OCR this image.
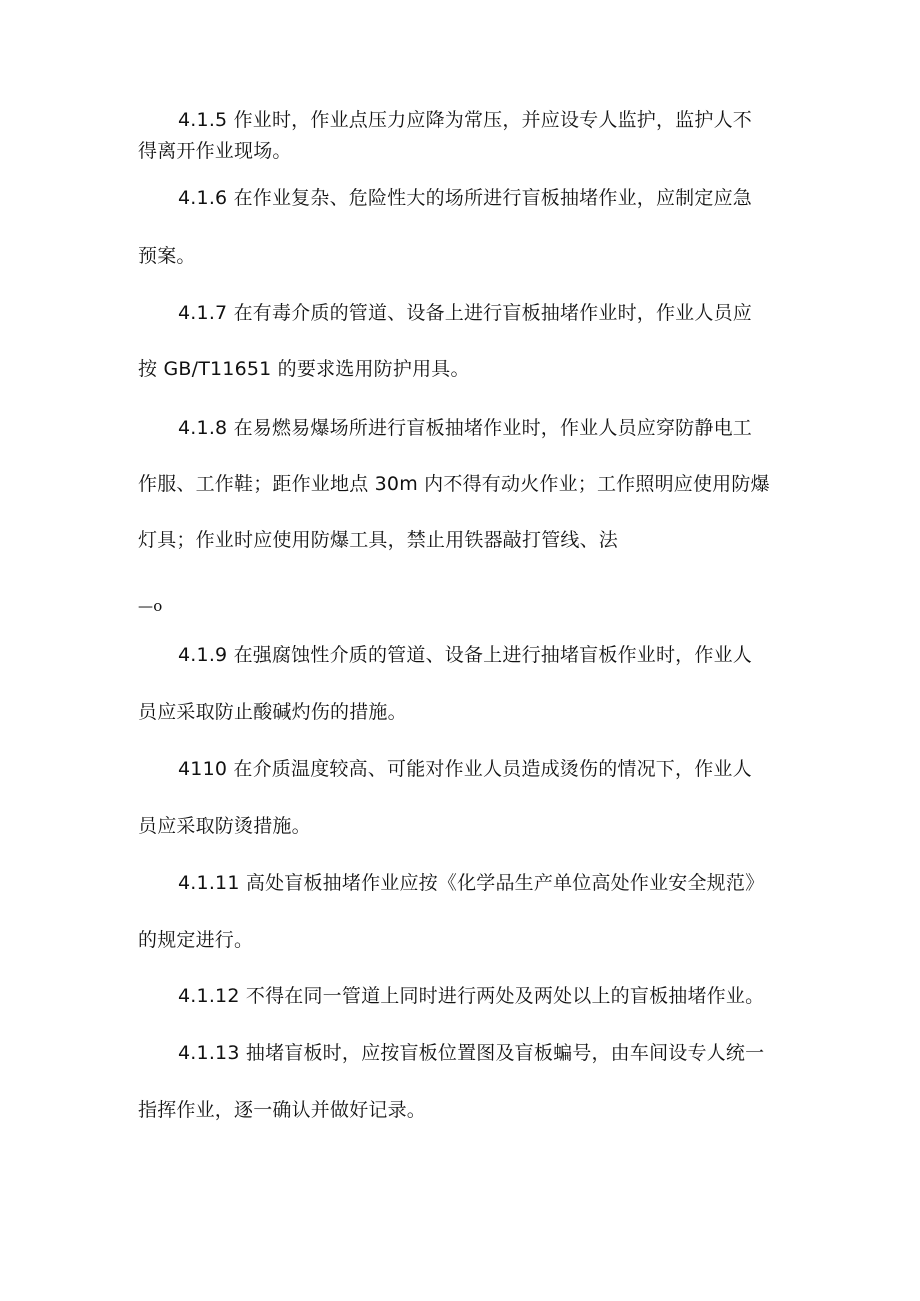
4.1.5 作业时，作业点压力应降为常压，并应设专人监护，监护人不
得离开作业现场。
4.1.6 在作业复杂、危险性大的场所进行盲板抽堵作业，应制定应急
预案。
4.1.7 在有毒介质的管道、设备上进行盲板抽堵作业时，作业人员应
按 GB/T11651 的要求选用防护用具。
4.1.8 在易燃易爆场所进行盲板抽堵作业时，作业人员应穿防静电工
作服、工作鞋；距作业地点 30m 内不得有动火作业；工作照明应使用防爆
灯具；作业时应使用防爆工具，禁止用铁器敲打管线、法
—o
4.1.9 在强腐蚀性介质的管道、设备上进行抽堵盲板作业时，作业人
员应采取防止酸碱灼伤的措施。
4110 在介质温度较高、可能对作业人员造成烫伤的情况下，作业人
员应采取防烫措施。
4.1.11 高处盲板抽堵作业应按《化学品生产单位高处作业安全规范》
的规定进行。
4.1.12 不得在同一管道上同时进行两处及两处以上的盲板抽堵作业。
4.1.13 抽堵盲板时，应按盲板位置图及盲板蝙号，由车间设专人统一
指挥作业，逐一确认并做好记录。
